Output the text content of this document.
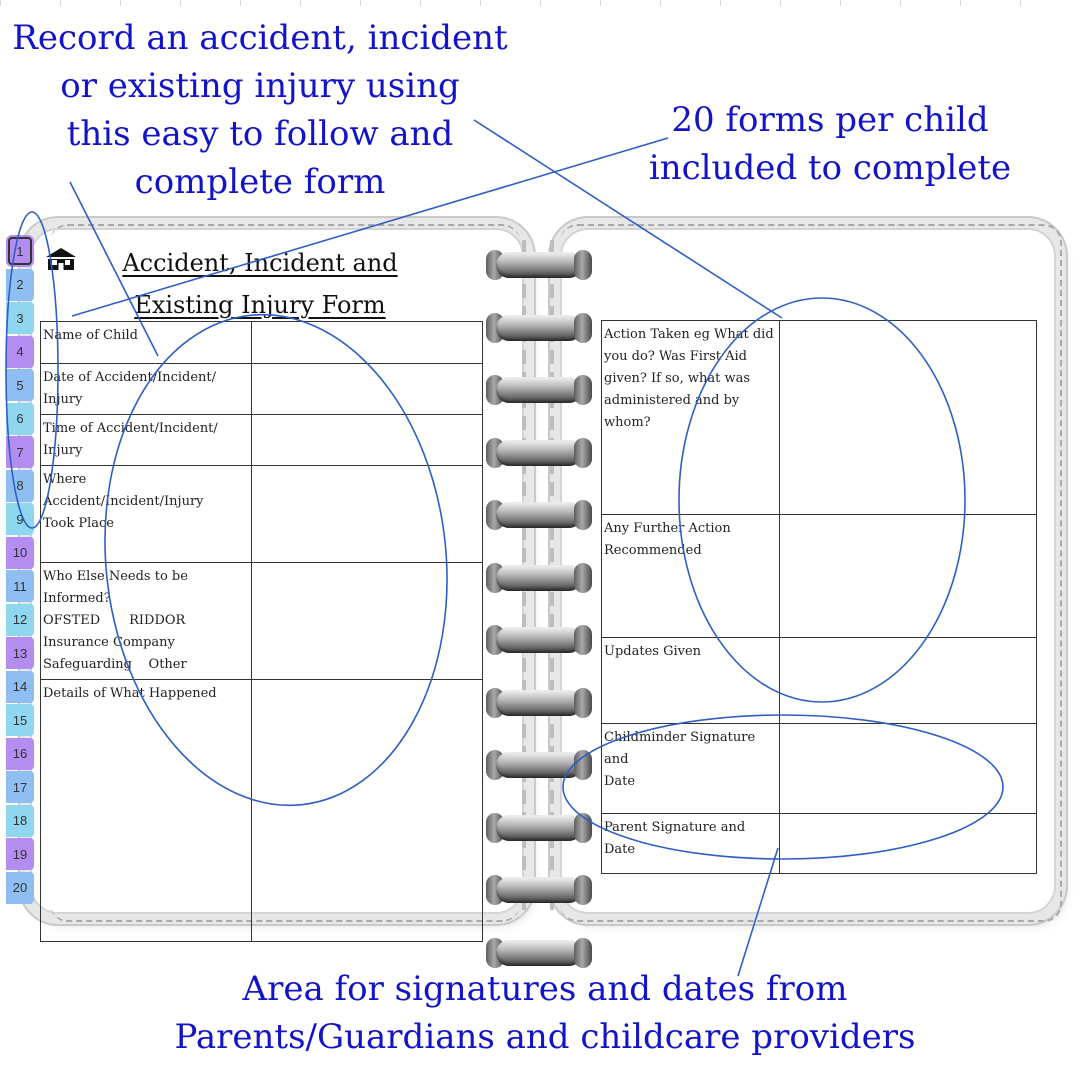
Record an accident, incident
or existing injury using
this easy to follow and
complete form

20 forms per child
included to complete

Area for signatures and dates from
Parents/Guardians and childcare providers

1
2
3
4
5
6
7
8
9
10
11
12
13
14
15
16
17
18
19
20
Accident, Incident and
Existing Injury Form
Name of Child	

Date of Accident/Incident/
Injury	

Time of Accident/Incident/
Injury	

Where Accident/Incident/Injury
Took Place	

Who Else Needs to be Informed?
OFSTED RIDDOR
Insurance Company
Safeguarding Other	

Details of What Happened	
Action Taken eg What did
you do? Was First Aid
given? If so, what was
administered and by
whom?	

Any Further Action
Recommended	

Updates Given	

Childminder Signature and
Date	

Parent Signature and Date	
